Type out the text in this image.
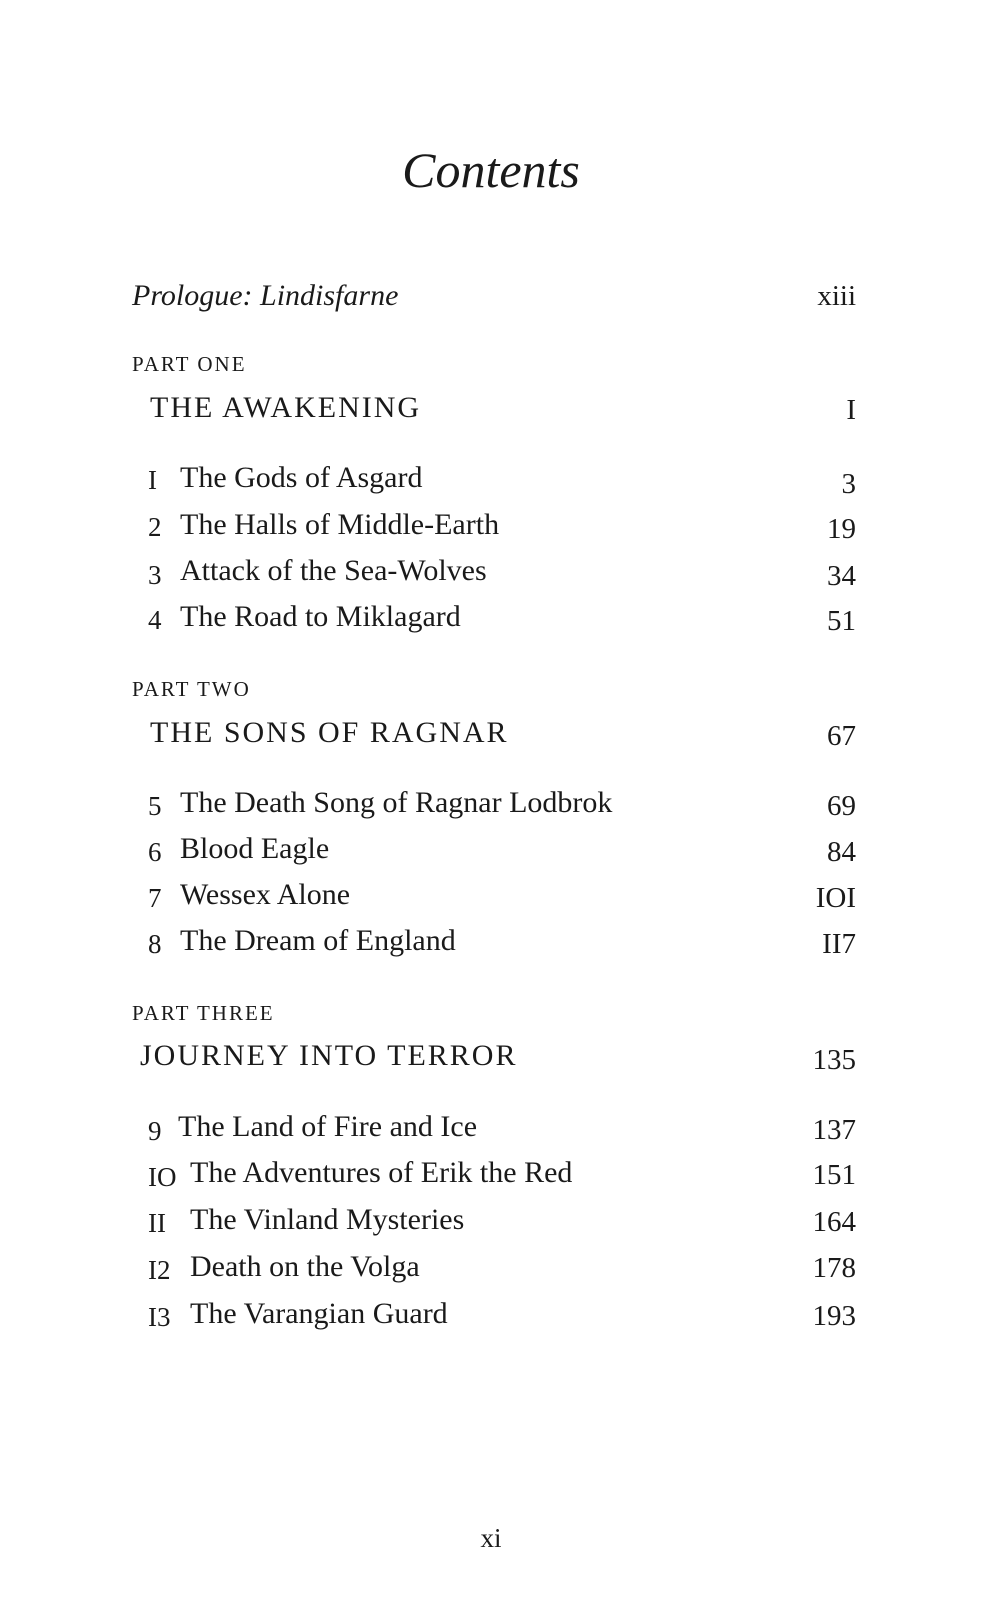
Contents
Prologue: Lindisfarne	xiii
PART ONE
THE AWAKENING	I
I The Gods of Asgard	3
2 The Halls of Middle-Earth	19
3 Attack of the Sea-Wolves	34
4 The Road to Miklagard	51
PART TWO
THE SONS OF RAGNAR	67
5 The Death Song of Ragnar Lodbrok	69
6 Blood Eagle	84
7 Wessex Alone	IOI
8 The Dream of England	II7
PART THREE
JOURNEY INTO TERROR	135
9 The Land of Fire and Ice	137
IO The Adventures of Erik the Red	151
II The Vinland Mysteries	164
I2 Death on the Volga	178
I3 The Varangian Guard	193
xi
